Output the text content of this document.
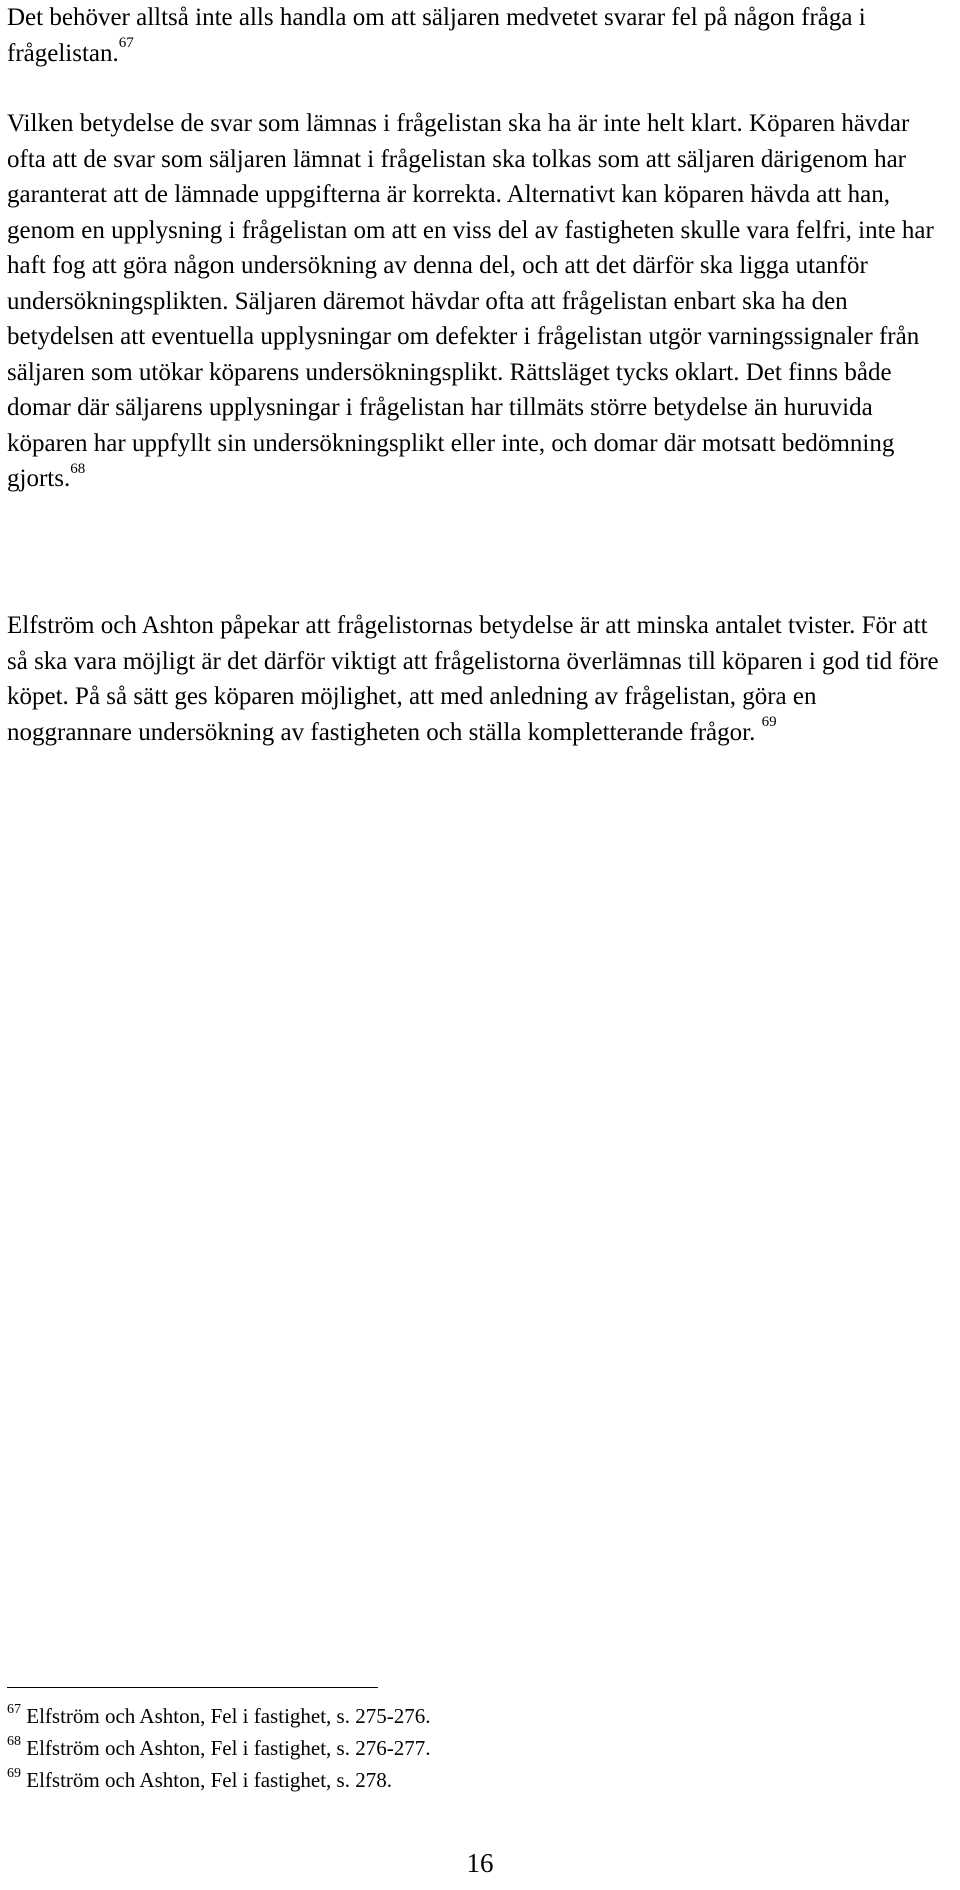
Det behöver alltså inte alls handla om att säljaren medvetet svarar fel på någon fråga i frågelistan.$^{67}$

Vilken betydelse de svar som lämnas i frågelistan ska ha är inte helt klart. Köparen hävdar ofta att de svar som säljaren lämnat i frågelistan ska tolkas som att säljaren därigenom har garanterat att de lämnade uppgifterna är korrekta. Alternativt kan köparen hävda att han, genom en upplysning i frågelistan om att en viss del av fastigheten skulle vara felfri, inte har haft fog att göra någon undersökning av denna del, och att det därför ska ligga utanför undersökningsplikten. Säljaren däremot hävdar ofta att frågelistan enbart ska ha den betydelsen att eventuella upplysningar om defekter i frågelistan utgör varningssignaler från säljaren som utökar köparens undersökningsplikt. Rättsläget tycks oklart. Det finns både domar där säljarens upplysningar i frågelistan har tillmäts större betydelse än huruvida köparen har uppfyllt sin undersökningsplikt eller inte, och domar där motsatt bedömning gjorts.$^{68}$

Elfström och Ashton påpekar att frågelistornas betydelse är att minska antalet tvister. För att så ska vara möjligt är det därför viktigt att frågelistorna överlämnas till köparen i god tid före köpet. På så sätt ges köparen möjlighet, att med anledning av frågelistan, göra en noggrannare undersökning av fastigheten och ställa kompletterande frågor. $^{69}$

$^{67}$ Elfström och Ashton, Fel i fastighet, s. 275-276.

$^{68}$ Elfström och Ashton, Fel i fastighet, s. 276-277.

$^{69}$ Elfström och Ashton, Fel i fastighet, s. 278.

16
